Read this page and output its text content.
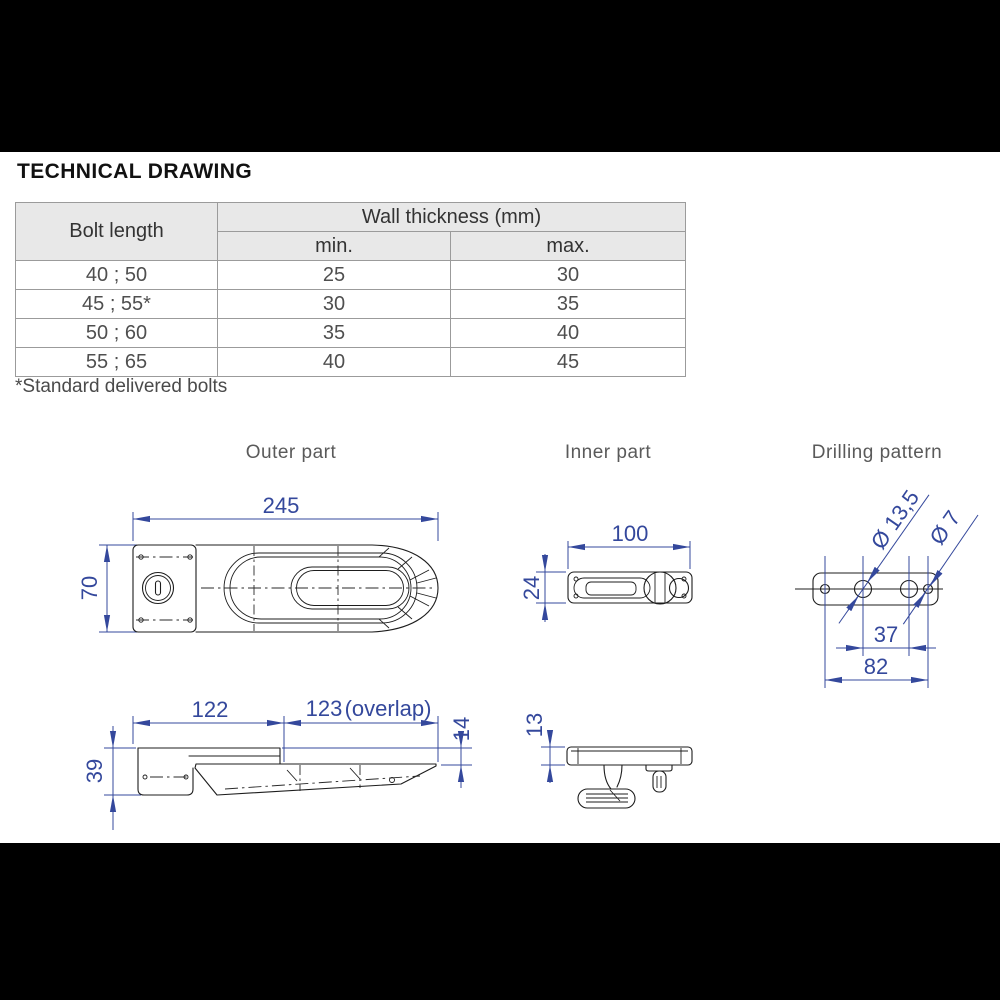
TECHNICAL DRAWING
Bolt length	Wall thickness (mm)	
	min.	max.
40 ; 50	25	30
45 ; 55*	30	35
50 ; 60	35	40
55 ; 65	40	45
*Standard delivered bolts
Outer part	Inner part	Drilling pattern
245
70
122	123 (overlap)
39
14
100
24
13
37
82
Ø 13,5 Ø 7
